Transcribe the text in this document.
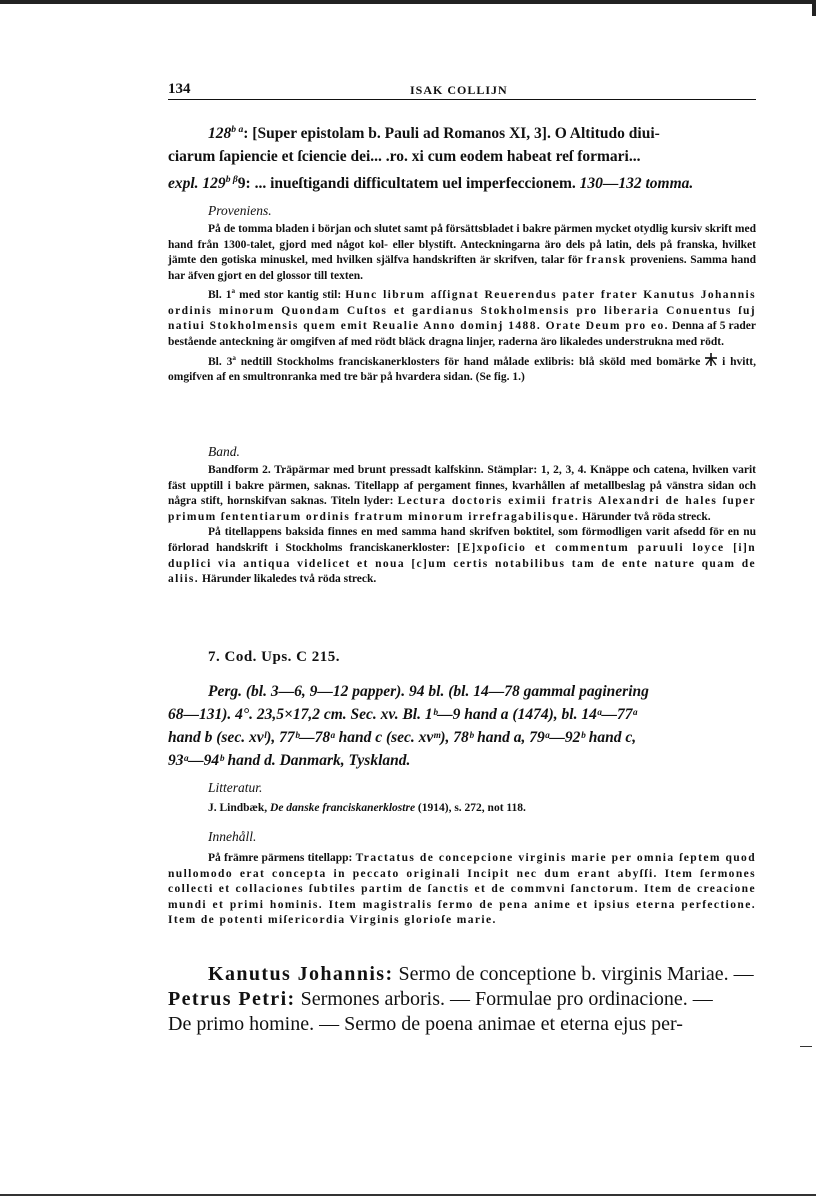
134	ISAK COLLIJN
$128^{b a}$: [Super epistolam b. Pauli ad Romanos XI, 3]. O Altitudo diui-
ciarum ſapiencie et ſciencie dei... .ro. xi cum eodem habeat reſ formari...
expl. $129^{b \beta}9$: ... inueſtigandi difficultatem uel imperfeccionem. 130—132 tomma.
Proveniens.
På de tomma bladen i början och slutet samt på försättsbladet i bakre pärmen mycket otydlig kursiv skrift med hand från 1300-talet, gjord med något kol- eller blystift. Anteckningarna äro dels på latin, dels på franska, hvilket jämte den gotiska minuskel, med hvilken själfva handskriften är skrifven, talar för fransk proveniens. Samma hand har äfven gjort en del glossor till texten.
Bl. 1$^a$ med stor kantig stil: Hunc librum aſſignat Reuerendus pater frater Kanutus Johannis ordinis minorum Quondam Cuſtos et gardianus Stokholmensis pro liberaria Conuentus ſuj natiui Stokholmensis quem emit Reualie Anno dominj 1488. Orate Deum pro eo. Denna af 5 rader bestående anteckning är omgifven af med rödt bläck dragna linjer, raderna äro likaledes understrukna med rödt.
Bl. 3$^a$ nedtill Stockholms franciskanerklosters för hand målade exlibris: blå sköld med bomärke i hvitt, omgifven af en smultronranka med tre bär på hvardera sidan. (Se fig. 1.)
Band.
Bandform 2. Träpärmar med brunt pressadt kalfskinn. Stämplar: 1, 2, 3, 4. Knäppe och catena, hvilken varit fäst upptill i bakre pärmen, saknas. Titellapp af pergament finnes, kvarhållen af metallbeslag på vänstra sidan och några stift, hornskifvan saknas. Titeln lyder: Lectura doctoris eximii fratris Alexandri de hales ſuper primum ſententiarum ordinis fratrum minorum irrefragabilisque. Härunder två röda streck.
På titellappens baksida finnes en med samma hand skrifven boktitel, som förmodligen varit afsedd för en nu förlorad handskrift i Stockholms franciskanerkloster: [E]xpoſicio et commentum paruuli loyce [i]n duplici via antiqua videlicet et noua [c]um certis notabilibus tam de ente nature quam de aliis. Härunder likaledes två röda streck.
7. Cod. Ups. C 215.
Perg. (bl. 3—6, 9—12 papper). 94 bl. (bl. 14—78 gammal paginering
68—131). 4°. 23,5×17,2 cm. Sec. xv. Bl. 1ᵇ—9 hand a (1474), bl. 14ᵃ—77ᵃ
hand b (sec. xvˡ), 77ᵇ—78ᵃ hand c (sec. xvᵐ), 78ᵇ hand a, 79ᵃ—92ᵇ hand c,
93ᵃ—94ᵇ hand d. Danmark, Tyskland.
Litteratur.
J. Lindbæk, De danske franciskanerklostre (1914), s. 272, not 118.
Innehåll.
På främre pärmens titellapp: Tractatus de concepcione virginis marie per omnia ſeptem quod nullomodo erat concepta in peccato originali Incipit nec dum erant abyſſi. Item ſermones collecti et collaciones ſubtiles partim de ſanctis et de commvni ſanctorum. Item de creacione mundi et primi hominis. Item magistralis ſermo de pena anime et ipsius eterna perfectione. Item de potenti miſericordia Virginis glorioſe marie.
Kanutus Johannis: Sermo de conceptione b. virginis Mariae. —
Petrus Petri: Sermones arboris. — Formulae pro ordinacione. —
De primo homine. — Sermo de poena animae et eterna ejus per-
